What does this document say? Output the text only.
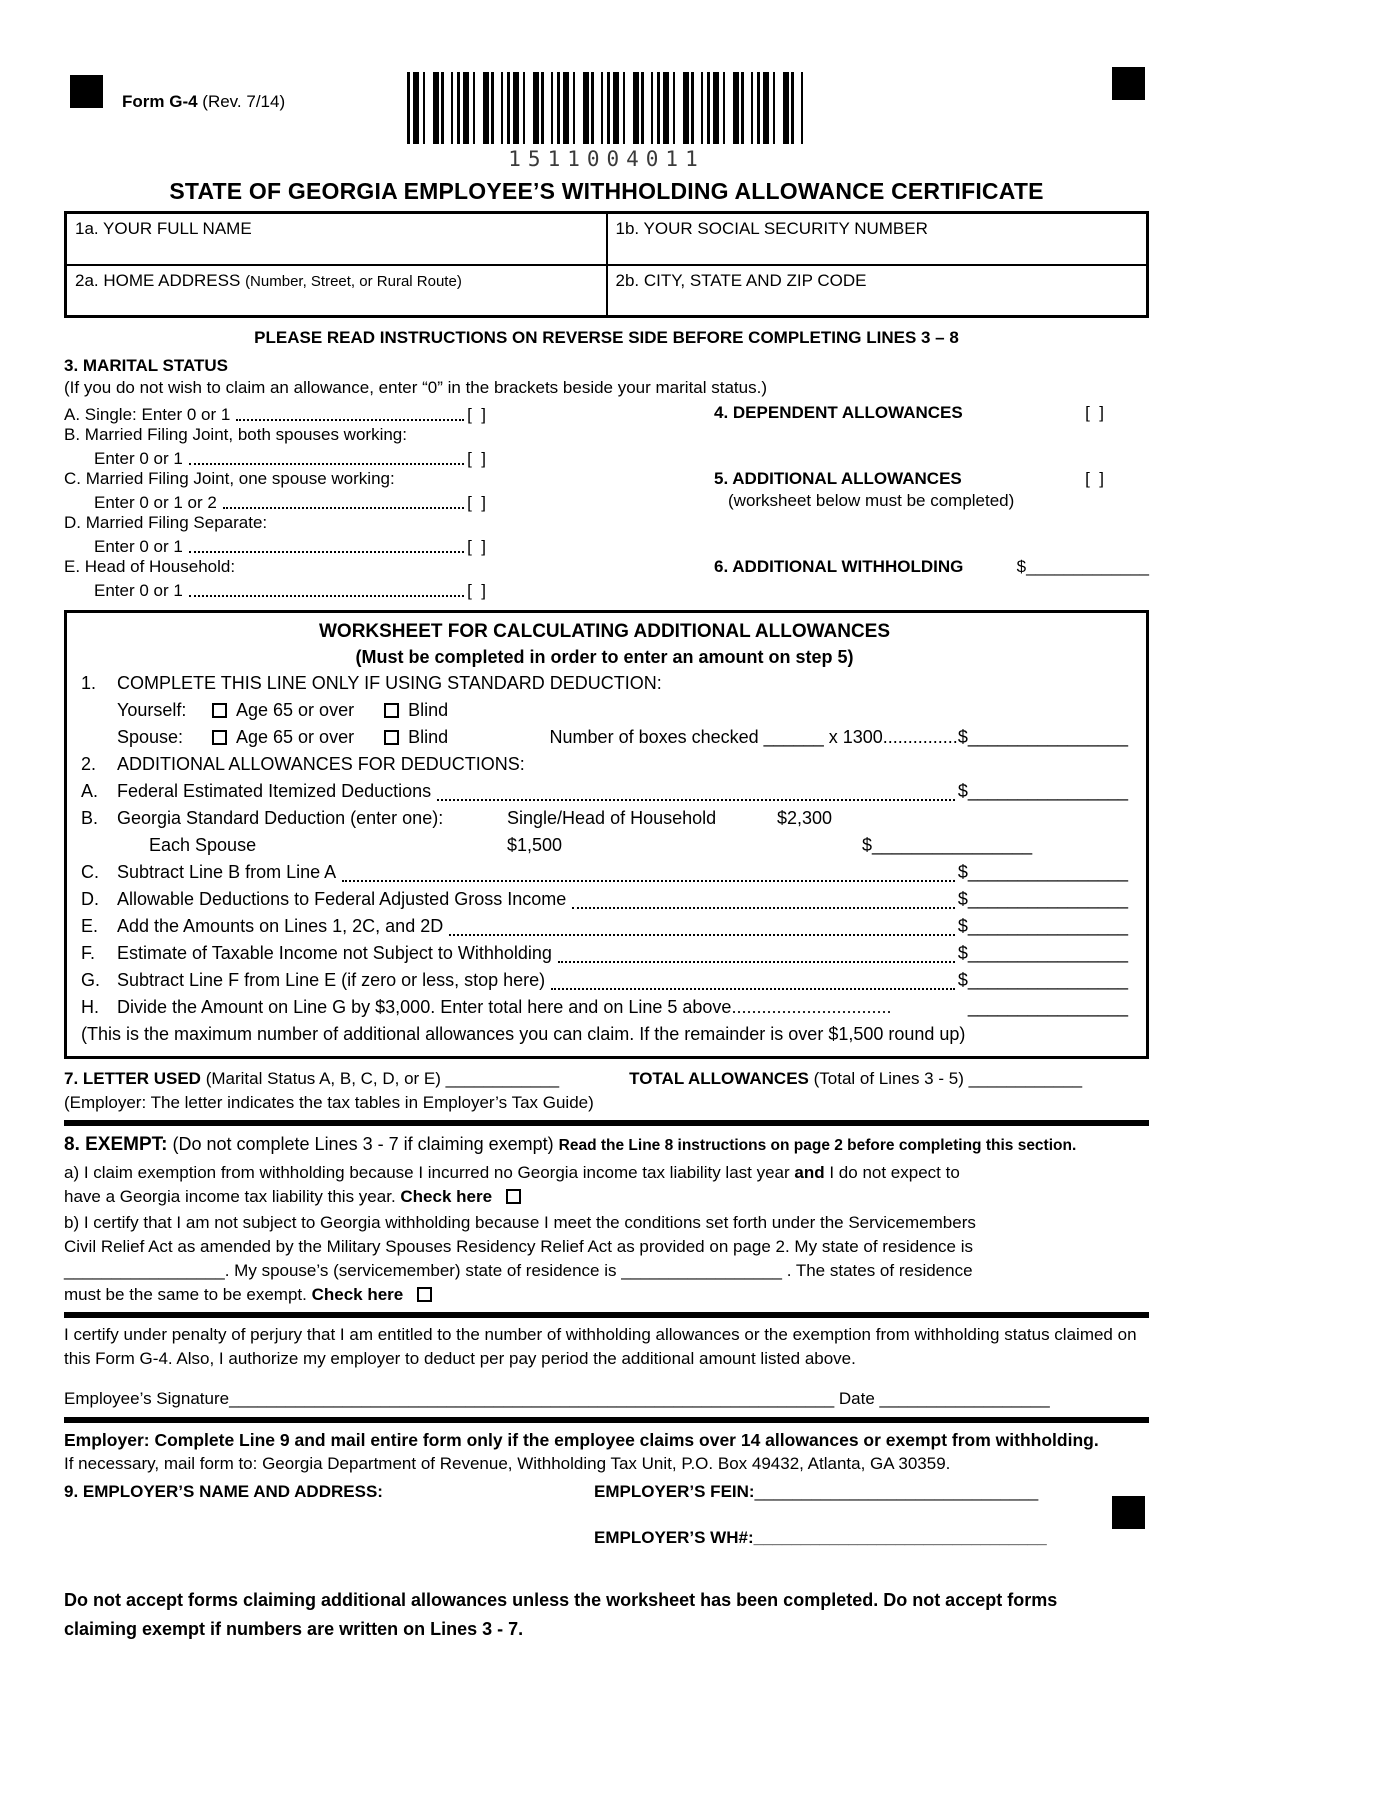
Form G-4 (Rev. 7/14)
1511004011
STATE OF GEORGIA EMPLOYEE’S WITHHOLDING ALLOWANCE CERTIFICATE
1a. YOUR FULL NAME	1b. YOUR SOCIAL SECURITY NUMBER

2a. HOME ADDRESS (Number, Street, or Rural Route)	2b. CITY, STATE AND ZIP CODE
PLEASE READ INSTRUCTIONS ON REVERSE SIDE BEFORE COMPLETING LINES 3 – 8
3. MARITAL STATUS
(If you do not wish to claim an allowance, enter “0” in the brackets beside your marital status.)
A. Single: Enter 0 or 1	[  ]	4. DEPENDENT ALLOWANCES	[  ]
B. Married Filing Joint, both spouses working:
Enter 0 or 1	[  ]
C. Married Filing Joint, one spouse working:	5. ADDITIONAL ALLOWANCES	[  ]
Enter 0 or 1 or 2	[  ]	(worksheet below must be completed)
D. Married Filing Separate:
Enter 0 or 1	[  ]
E. Head of Household:	6. ADDITIONAL WITHHOLDING	$_____________
Enter 0 or 1	[  ]
WORKSHEET FOR CALCULATING ADDITIONAL ALLOWANCES
(Must be completed in order to enter an amount on step 5)
1.	COMPLETE THIS LINE ONLY IF USING STANDARD DEDUCTION:
Yourself:	Age 65 or over	Blind
Spouse:	Age 65 or over	Blind	Number of boxes checked ______ x 1300...............$________________
2.	ADDITIONAL ALLOWANCES FOR DEDUCTIONS:
A.	Federal Estimated Itemized Deductions	$________________
B.	Georgia Standard Deduction (enter one):	Single/Head of Household	$2,300
Each Spouse	$1,500	$________________
C.	Subtract Line B from Line A	$________________
D.	Allowable Deductions to Federal Adjusted Gross Income	$________________
E.	Add the Amounts on Lines 1, 2C, and 2D	$________________
F.	Estimate of Taxable Income not Subject to Withholding	$________________
G. Subtract Line F from Line E (if zero or less, stop here)	$________________
H.	Divide the Amount on Line G by $3,000. Enter total here and on Line 5 above ................................	________________
(This is the maximum number of additional allowances you can claim. If the remainder is over $1,500 round up)
7. LETTER USED (Marital Status A, B, C, D, or E) ____________	TOTAL ALLOWANCES (Total of Lines 3 - 5) ____________
(Employer: The letter indicates the tax tables in Employer’s Tax Guide)
8. EXEMPT: (Do not complete Lines 3 - 7 if claiming exempt) Read the Line 8 instructions on page 2 before completing this section.

a) I claim exemption from withholding because I incurred no Georgia income tax liability last year and I do not expect to
have a Georgia income tax liability this year. Check here

b) I certify that I am not subject to Georgia withholding because I meet the conditions set forth under the Servicemembers
Civil Relief Act as amended by the Military Spouses Residency Relief Act as provided on page 2. My state of residence is
_________________. My spouse’s (servicemember) state of residence is _________________ . The states of residence
must be the same to be exempt. Check here

I certify under penalty of perjury that I am entitled to the number of withholding allowances or the exemption from withholding status claimed on this Form G-4. Also, I authorize my employer to deduct per pay period the additional amount listed above.

Employee’s Signature________________________________________________________________ Date __________________
Employer: Complete Line 9 and mail entire form only if the employee claims over 14 allowances or exempt from withholding.
If necessary, mail form to: Georgia Department of Revenue, Withholding Tax Unit, P.O. Box 49432, Atlanta, GA 30359.
9. EMPLOYER’S NAME AND ADDRESS:	EMPLOYER’S FEIN:______________________________
EMPLOYER’S WH#:_______________________________
Do not accept forms claiming additional allowances unless the worksheet has been completed. Do not accept forms claiming exempt if numbers are written on Lines 3 - 7.
